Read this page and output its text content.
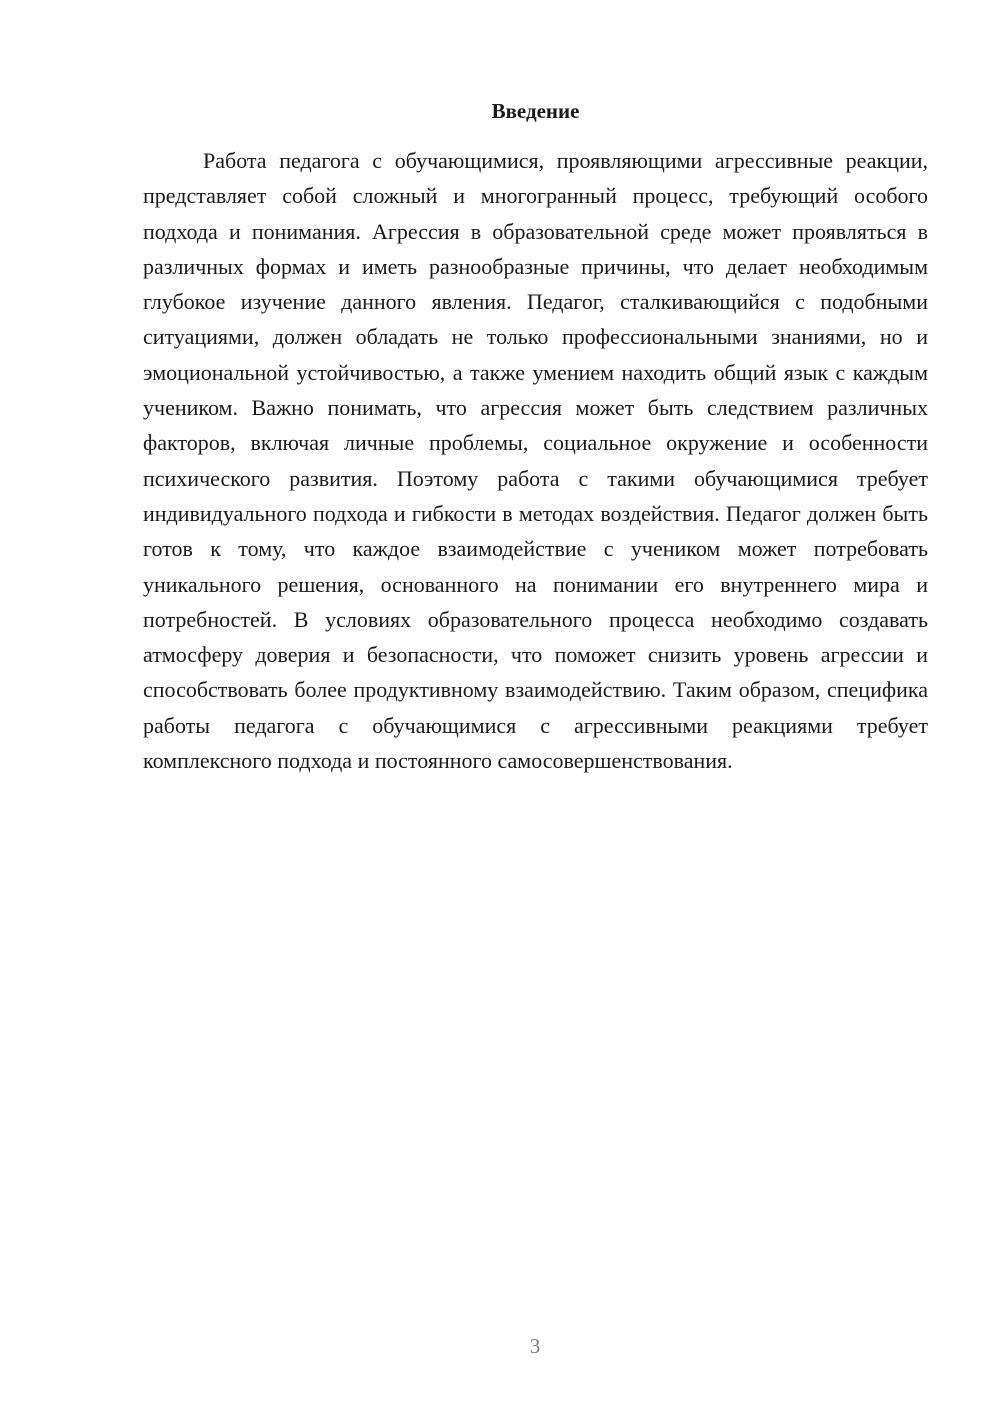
Введение

Работа педагога с обучающимися, проявляющими агрессивные реакции, представляет собой сложный и многогранный процесс, требующий особого подхода и понимания. Агрессия в образовательной среде может проявляться в различных формах и иметь разнообразные причины, что делает необходимым глубокое изучение данного явления. Педагог, сталкивающийся с подобными ситуациями, должен обладать не только профессиональными знаниями, но и эмоциональной устойчивостью, а также умением находить общий язык с каждым учеником. Важно понимать, что агрессия может быть следствием различных факторов, включая личные проблемы, социальное окружение и особенности психического развития. Поэтому работа с такими обучающимися требует индивидуального подхода и гибкости в методах воздействия. Педагог должен быть готов к тому, что каждое взаимодействие с учеником может потребовать уникального решения, основанного на понимании его внутреннего мира и потребностей. В условиях образовательного процесса необходимо создавать атмосферу доверия и безопасности, что поможет снизить уровень агрессии и способствовать более продуктивному взаимодействию. Таким образом, специфика работы педагога с обучающимися с агрессивными реакциями требует комплексного подхода и постоянного самосовершенствования.

3
